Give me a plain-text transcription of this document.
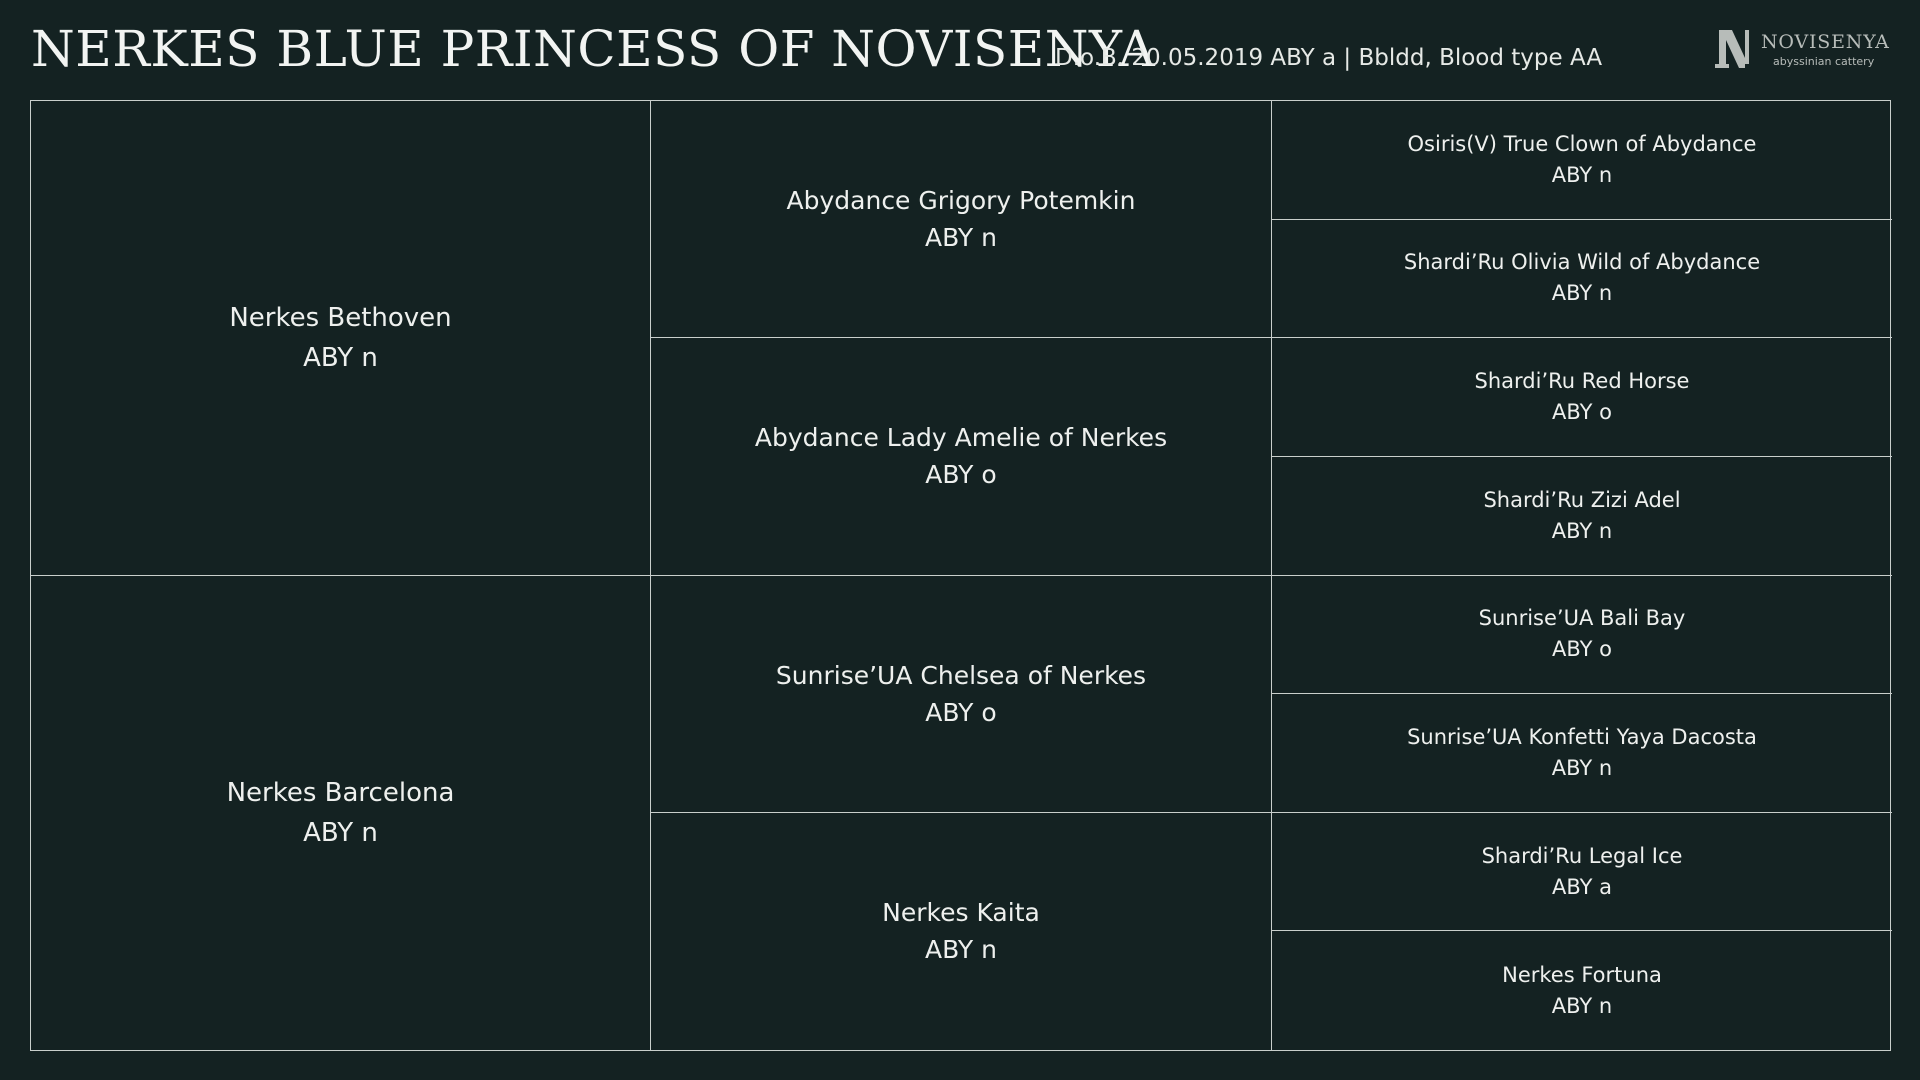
NERKES BLUE PRINCESS OF NOVISENYA
D.o.B. 20.05.2019 ABY a | Bbldd, Blood type AA
NOVISENYA
abyssinian cattery
Nerkes Bethoven
ABY n
Nerkes Barcelona
ABY n
Abydance Grigory Potemkin
ABY n
Abydance Lady Amelie of Nerkes
ABY o
Sunrise’UA Chelsea of Nerkes
ABY o
Nerkes Kaita
ABY n
Osiris(V) True Clown of Abydance
ABY n
Shardi’Ru Olivia Wild of Abydance
ABY n
Shardi’Ru Red Horse
ABY o
Shardi’Ru Zizi Adel
ABY n
Sunrise’UA Bali Bay
ABY o
Sunrise’UA Konfetti Yaya Dacosta
ABY n
Shardi’Ru Legal Ice
ABY a
Nerkes Fortuna
ABY n
